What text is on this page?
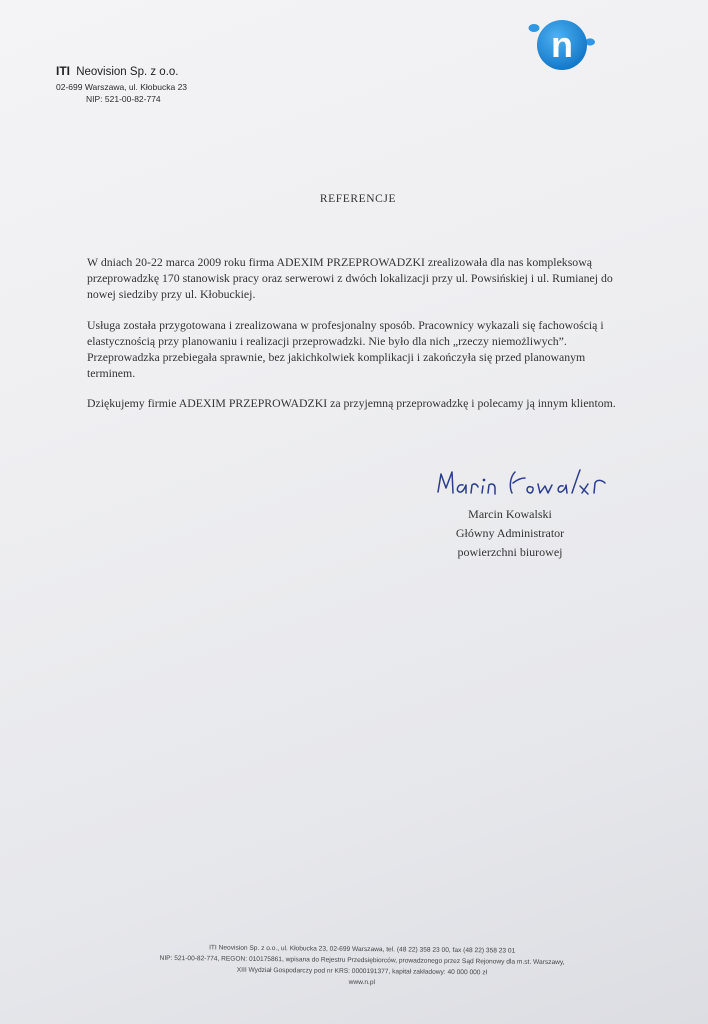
ITI Neovision Sp. z o.o.
02-699 Warszawa, ul. Kłobucka 23
NIP: 521-00-82-774
n
REFERENCJE

W dniach 20-22 marca 2009 roku firma ADEXIM PRZEPROWADZKI zrealizowała dla nas kompleksową przeprowadzkę 170 stanowisk pracy oraz serwerowi z dwóch lokalizacji przy ul. Powsińskiej i ul. Rumianej do nowej siedziby przy ul. Kłobuckiej.

Usługa została przygotowana i zrealizowana w profesjonalny sposób. Pracownicy wykazali się fachowością i elastycznością przy planowaniu i realizacji przeprowadzki. Nie było dla nich „rzeczy niemożliwych”. Przeprowadzka przebiegała sprawnie, bez jakichkolwiek komplikacji i zakończyła się przed planowanym terminem.

Dziękujemy firmie ADEXIM PRZEPROWADZKI za przyjemną przeprowadzkę i polecamy ją innym klientom.

Marcin Kowalski
Główny Administrator
powierzchni biurowej
ITI Neovision Sp. z o.o., ul. Kłobucka 23, 02-699 Warszawa, tel. (48 22) 358 23 00, fax (48 22) 358 23 01
NIP: 521-00-82-774, REGON: 010175861, wpisana do Rejestru Przedsiębiorców, prowadzonego przez Sąd Rejonowy dla m.st. Warszawy,
XIII Wydział Gospodarczy pod nr KRS: 0000191377, kapitał zakładowy: 40 000 000 zł
www.n.pl
